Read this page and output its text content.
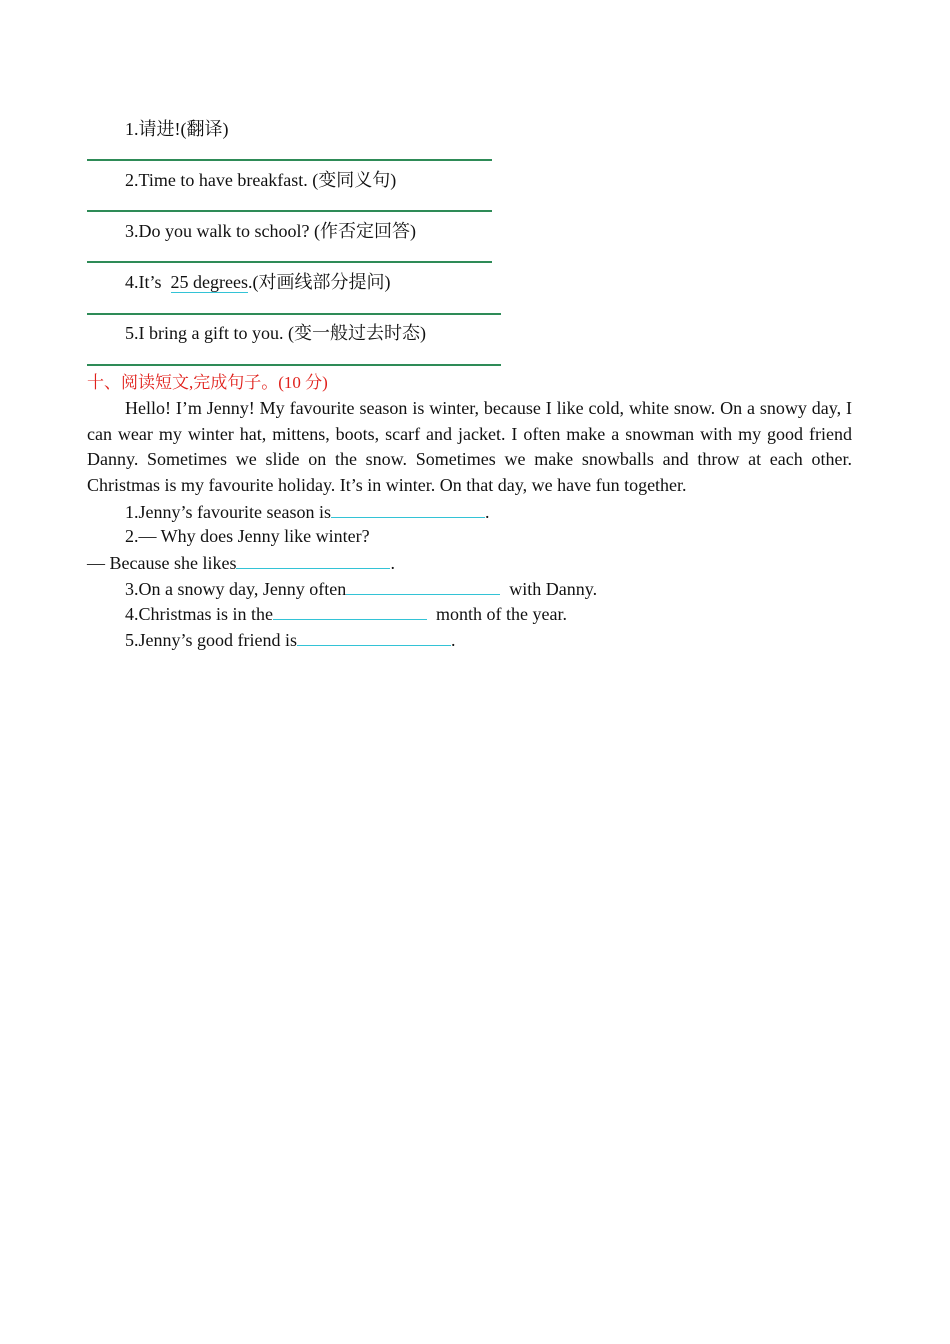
1.请进!(翻译)
2.Time to have breakfast. (变同义句)
3.Do you walk to school? (作否定回答)
4.It’s  25 degrees.(对画线部分提问)
5.I bring a gift to you. (变一般过去时态)
十、阅读短文,完成句子。(10 分)
Hello! I’m Jenny! My favourite season is winter, because I like cold, white snow. On a snowy day, I can wear my winter hat, mittens, boots, scarf and jacket. I often make a snowman with my good friend Danny. Sometimes we slide on the snow. Sometimes we make snowballs and throw at each other. Christmas is my favourite holiday. It’s in winter. On that day, we have fun together.
1.Jenny’s favourite season is	.
2.— Why does Jenny like winter?
— Because she likes	.
3.On a snowy day, Jenny often	with Danny.
4.Christmas is in the	month of the year.
5.Jenny’s good friend is	.
